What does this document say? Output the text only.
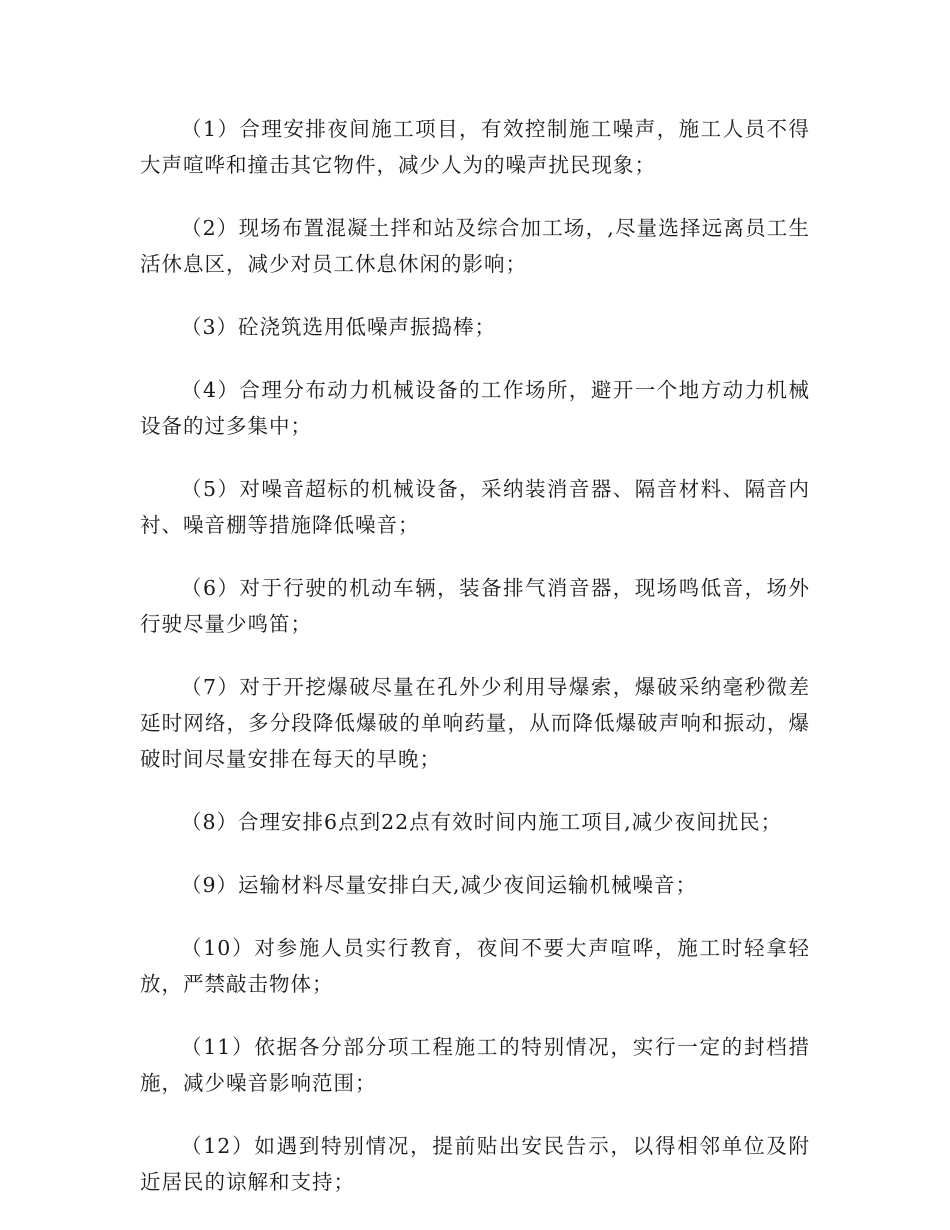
（1）合理安排夜间施工项目，有效控制施工噪声，施工人员不得大声喧哗和撞击其它物件，减少人为的噪声扰民现象；

（2）现场布置混凝土拌和站及综合加工场，,尽量选择远离员工生活休息区，减少对员工休息休闲的影响；

（3）砼浇筑选用低噪声振捣棒；

（4）合理分布动力机械设备的工作场所，避开一个地方动力机械设备的过多集中；

（5）对噪音超标的机械设备，采纳装消音器、隔音材料、隔音内衬、噪音棚等措施降低噪音；

（6）对于行驶的机动车辆，装备排气消音器，现场鸣低音，场外行驶尽量少鸣笛；

（7）对于开挖爆破尽量在孔外少利用导爆索，爆破采纳毫秒微差延时网络，多分段降低爆破的单响药量，从而降低爆破声响和振动，爆破时间尽量安排在每天的早晚；

（8）合理安排6点到22点有效时间内施工项目,减少夜间扰民；

（9）运输材料尽量安排白天,减少夜间运输机械噪音；

（10）对参施人员实行教育，夜间不要大声喧哗，施工时轻拿轻放，严禁敲击物体；

（11）依据各分部分项工程施工的特别情况，实行一定的封档措施，减少噪音影响范围；

（12）如遇到特别情况，提前贴出安民告示，以得相邻单位及附近居民的谅解和支持；
